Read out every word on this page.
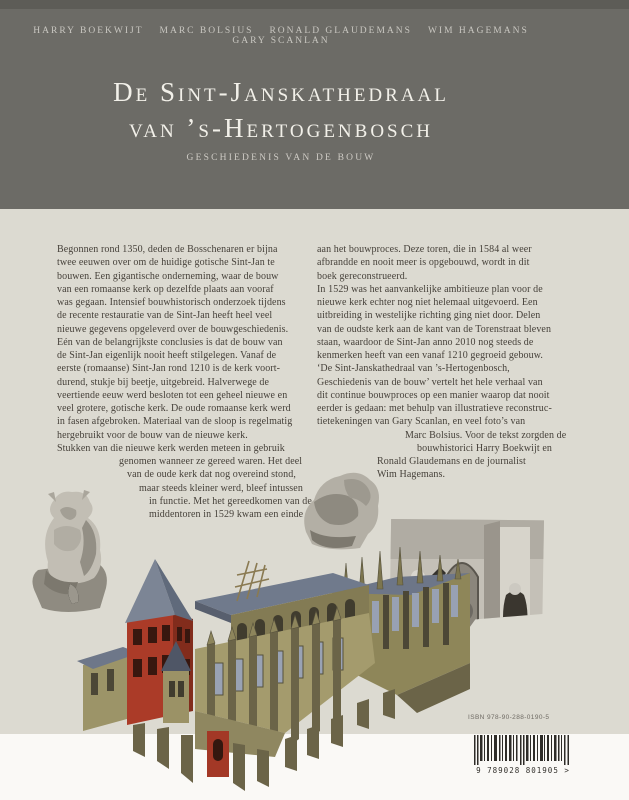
HARRY BOEKWIJT MARC BOLSIUS RONALD GLAUDEMANS WIM HAGEMANSGARY SCANLAN
De Sint-Janskathedraal
van ’s-Hertogenbosch
GESCHIEDENIS VAN DE BOUW
Begonnen rond 1350, deden de Bosschenaren er bijna
twee eeuwen over om de huidige gotische Sint-Jan te
bouwen. Een gigantische onderneming, waar de bouw
van een romaanse kerk op dezelfde plaats aan vooraf
was gegaan. Intensief bouwhistorisch onderzoek tijdens
de recente restauratie van de Sint-Jan heeft heel veel
nieuwe gegevens opgeleverd over de bouwgeschiedenis.
Eén van de belangrijkste conclusies is dat de bouw van
de Sint-Jan eigenlijk nooit heeft stilgelegen. Vanaf de
eerste (romaanse) Sint-Jan rond 1210 is de kerk voort-
durend, stukje bij beetje, uitgebreid. Halverwege de
veertiende eeuw werd besloten tot een geheel nieuwe en
veel grotere, gotische kerk. De oude romaanse kerk werd
in fasen afgebroken. Materiaal van de sloop is regelmatig
hergebruikt voor de bouw van de nieuwe kerk.
Stukken van die nieuwe kerk werden meteen in gebruik
genomen wanneer ze gereed waren. Het deel
van de oude kerk dat nog overeind stond,
maar steeds kleiner werd, bleef intussen
in functie. Met het gereedkomen van de
middentoren in 1529 kwam een einde
aan het bouwproces. Deze toren, die in 1584 al weer
afbrandde en nooit meer is opgebouwd, wordt in dit
boek gereconstrueerd.
In 1529 was het aanvankelijke ambitieuze plan voor de
nieuwe kerk echter nog niet helemaal uitgevoerd. Een
uitbreiding in westelijke richting ging niet door. Delen
van de oudste kerk aan de kant van de Torenstraat bleven
staan, waardoor de Sint-Jan anno 2010 nog steeds de
kenmerken heeft van een vanaf 1210 gegroeid gebouw.
‘De Sint-Janskathedraal van ’s-Hertogenbosch,
Geschiedenis van de bouw’ vertelt het hele verhaal van
dit continue bouwproces op een manier waarop dat nooit
eerder is gedaan: met behulp van illustratieve reconstruc-
tietekeningen van Gary Scanlan, en veel foto’s van
Marc Bolsius. Voor de tekst zorgden de
bouwhistorici Harry Boekwijt en
Ronald Glaudemans en de journalist
Wim Hagemans.
ISBN 978-90-288-0190-5
9 789028 801905 >
